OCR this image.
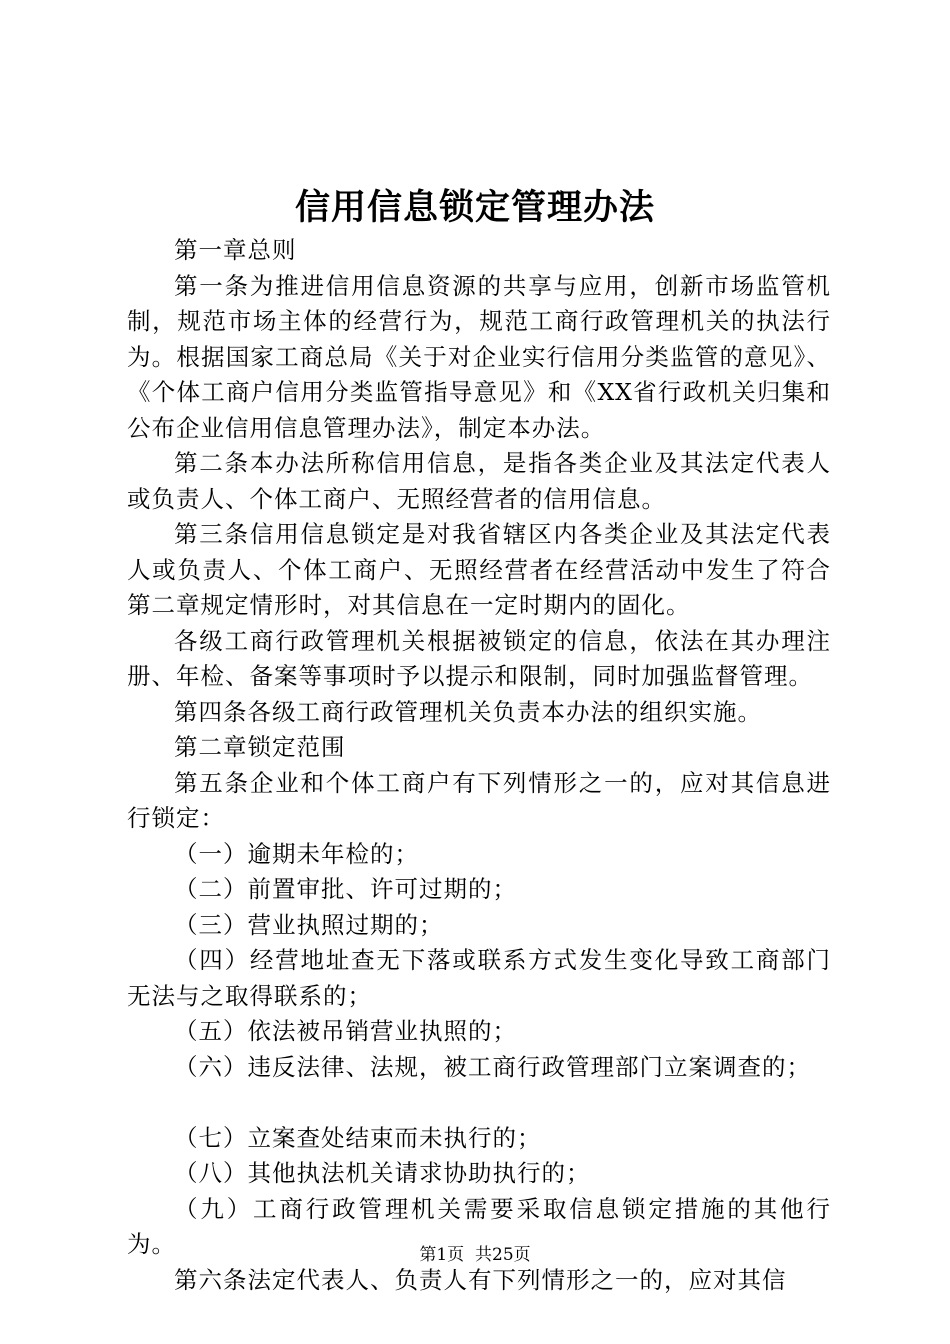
信用信息锁定管理办法

第一章总则

第一条为推进信用信息资源的共享与应用，创新市场监管机制，规范市场主体的经营行为，规范工商行政管理机关的执法行为。根据国家工商总局《关于对企业实行信用分类监管的意见》、《个体工商户信用分类监管指导意见》和《XX省行政机关归集和公布企业信用信息管理办法》，制定本办法。

第二条本办法所称信用信息，是指各类企业及其法定代表人或负责人、个体工商户、无照经营者的信用信息。

第三条信用信息锁定是对我省辖区内各类企业及其法定代表人或负责人、个体工商户、无照经营者在经营活动中发生了符合第二章规定情形时，对其信息在一定时期内的固化。

各级工商行政管理机关根据被锁定的信息，依法在其办理注册、年检、备案等事项时予以提示和限制，同时加强监督管理。

第四条各级工商行政管理机关负责本办法的组织实施。

第二章锁定范围

第五条企业和个体工商户有下列情形之一的，应对其信息进行锁定：

（一）逾期未年检的；

（二）前置审批、许可过期的；

（三）营业执照过期的；

（四）经营地址查无下落或联系方式发生变化导致工商部门无法与之取得联系的；

（五）依法被吊销营业执照的；

（六）违反法律、法规，被工商行政管理部门立案调查的；

（七）立案查处结束而未执行的；

（八）其他执法机关请求协助执行的；

（九）工商行政管理机关需要采取信息锁定措施的其他行为。

第六条法定代表人、负责人有下列情形之一的，应对其信

第1页 共25页
